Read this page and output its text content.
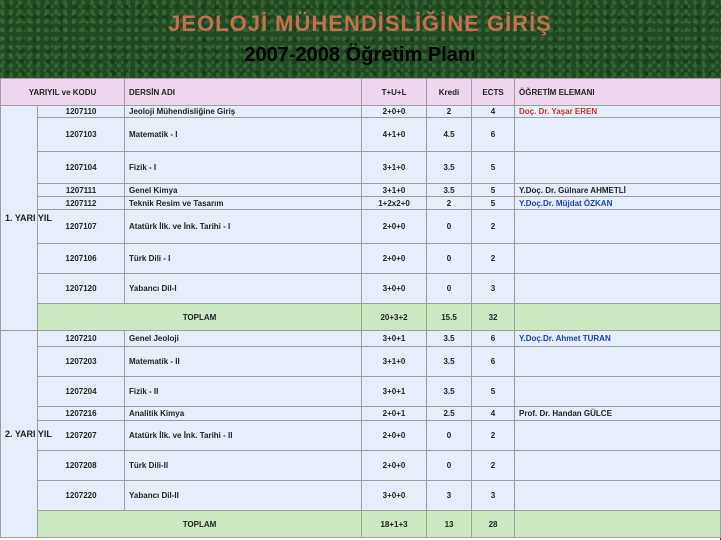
JEOLOJİ MÜHENDİSLİĞİNE GİRİŞ
2007-2008 Öğretim Planı
YARIYIL ve KODU		DERSİN ADI	T+U+L	Kredi	ECTS	ÖĞRETİM ELEMANI
1. YARI YIL	1207110	Jeoloji Mühendisliğine Giriş	2+0+0	2	4	Doç. Dr. Yaşar EREN
	1207103	Matematik - I	4+1+0	4.5	6	
	1207104	Fizik - I	3+1+0	3.5	5	
	1207111	Genel Kimya	3+1+0	3.5	5	Y.Doç. Dr. Gülnare AHMETLİ
	1207112	Teknik Resim ve Tasarım	1+2x2+0	2	5	Y.Doç.Dr. Müjdat ÖZKAN
	1207107	Atatürk İlk. ve İnk. Tarihi - I	2+0+0	0	2	
	1207106	Türk Dili - I	2+0+0	0	2	
	1207120	Yabancı Dil-I	3+0+0	0	3	
	TOPLAM		20+3+2	15.5	32	
2. YARI YIL	1207210	Genel Jeoloji	3+0+1	3.5	6	Y.Doç.Dr. Ahmet TURAN
	1207203	Matematik - II	3+1+0	3.5	6	
	1207204	Fizik - II	3+0+1	3.5	5	
	1207216	Analitik Kimya	2+0+1	2.5	4	Prof. Dr. Handan GÜLCE
	1207207	Atatürk İlk. ve İnk. Tarihi - II	2+0+0	0	2	
	1207208	Türk Dili-II	2+0+0	0	2	
	1207220	Yabancı Dil-II	3+0+0	3	3	
	TOPLAM		18+1+3	13	28	
